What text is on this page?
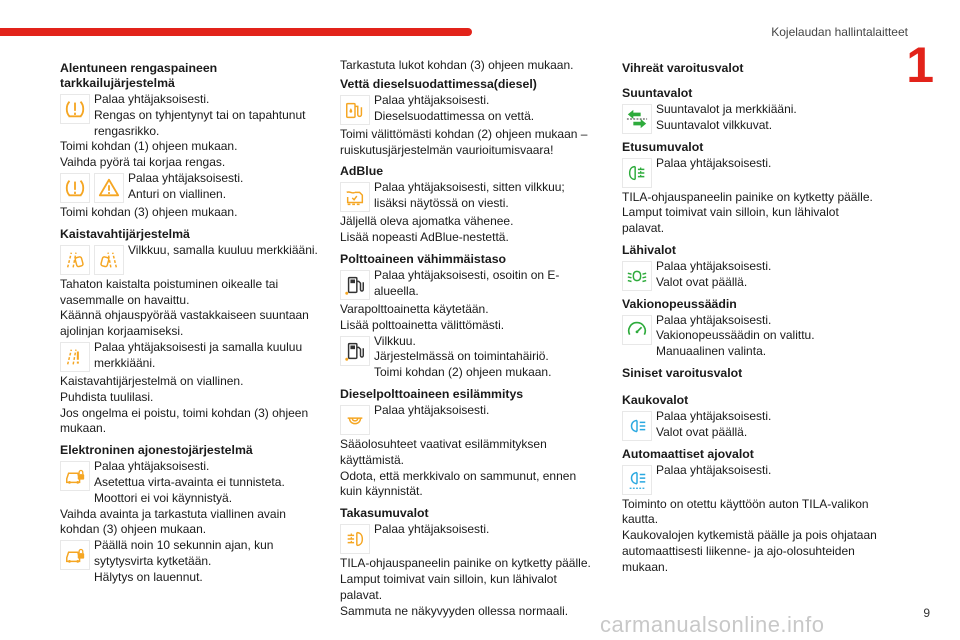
Kojelaudan hallintalaitteet
1
9
carmanualsonline.info
Alentuneen rengaspaineen tarkkailujärjestelmä
Palaa yhtäjaksoisesti.
Rengas on tyhjentynyt tai on tapahtunut rengasrikko.
Toimi kohdan (1) ohjeen mukaan.
Vaihda pyörä tai korjaa rengas.
Palaa yhtäjaksoisesti.
Anturi on viallinen.
Toimi kohdan (3) ohjeen mukaan.
Kaistavahtijärjestelmä
Vilkkuu, samalla kuuluu merkkiääni.
Tahaton kaistalta poistuminen oikealle tai vasemmalle on havaittu.
Käännä ohjauspyörää vastakkaiseen suuntaan ajolinjan korjaamiseksi.
Palaa yhtäjaksoisesti ja samalla kuuluu merkkiääni.
Kaistavahtijärjestelmä on viallinen.
Puhdista tuulilasi.
Jos ongelma ei poistu, toimi kohdan (3) ohjeen mukaan.
Elektroninen ajonestojärjestelmä
Palaa yhtäjaksoisesti.
Asetettua virta-avainta ei tunnisteta.
Moottori ei voi käynnistyä.
Vaihda avainta ja tarkastuta viallinen avain kohdan (3) ohjeen mukaan.
Päällä noin 10 sekunnin ajan, kun sytytysvirta kytketään.
Hälytys on lauennut.
Tarkastuta lukot kohdan (3) ohjeen mukaan.
Vettä dieselsuodattimessa(diesel)
Palaa yhtäjaksoisesti.
Dieselsuodattimessa on vettä.
Toimi välittömästi kohdan (2) ohjeen mukaan – ruiskutusjärjestelmän vaurioitumisvaara!
AdBlue
Palaa yhtäjaksoisesti, sitten vilkkuu; lisäksi näytössä on viesti.
Jäljellä oleva ajomatka vähenee.
Lisää nopeasti AdBlue-nestettä.
Polttoaineen vähimmäistaso
Palaa yhtäjaksoisesti, osoitin on E-alueella.
Varapolttoainetta käytetään.
Lisää polttoainetta välittömästi.
Vilkkuu.
Järjestelmässä on toimintahäiriö.
Toimi kohdan (2) ohjeen mukaan.
Dieselpolttoaineen esilämmitys
Palaa yhtäjaksoisesti.
Sääolosuhteet vaativat esilämmityksen käyttämistä.
Odota, että merkkivalo on sammunut, ennen kuin käynnistät.
Takasumuvalot
Palaa yhtäjaksoisesti.
TILA-ohjauspaneelin painike on kytketty päälle.
Lamput toimivat vain silloin, kun lähivalot palavat.
Sammuta ne näkyvyyden ollessa normaali.
Vihreät varoitusvalot
Suuntavalot
Suuntavalot ja merkkiääni.
Suuntavalot vilkkuvat.
Etusumuvalot
Palaa yhtäjaksoisesti.
TILA-ohjauspaneelin painike on kytketty päälle.
Lamput toimivat vain silloin, kun lähivalot palavat.
Lähivalot
Palaa yhtäjaksoisesti.
Valot ovat päällä.
Vakionopeussäädin
Palaa yhtäjaksoisesti.
Vakionopeussäädin on valittu.
Manuaalinen valinta.
Siniset varoitusvalot
Kaukovalot
Palaa yhtäjaksoisesti.
Valot ovat päällä.
Automaattiset ajovalot
Palaa yhtäjaksoisesti.
Toiminto on otettu käyttöön auton TILA-valikon kautta.
Kaukovalojen kytkemistä päälle ja pois ohjataan automaattisesti liikenne- ja ajo-olosuhteiden mukaan.
